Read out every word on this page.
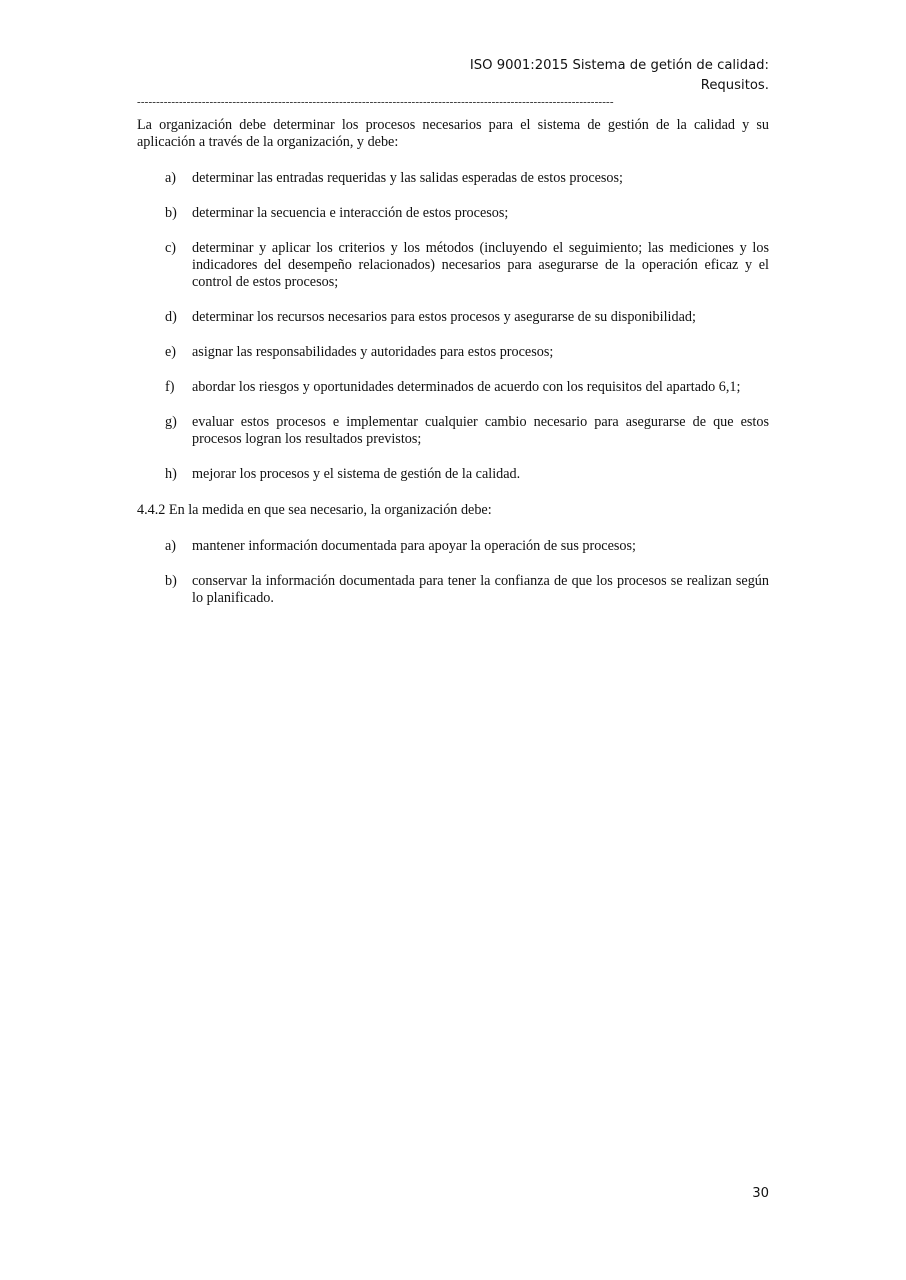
ISO 9001:2015 Sistema de getión de calidad:
Requsitos.
-----------------------------------------------------------------------------------------------------------------------------

La organización debe determinar los procesos necesarios para el sistema de gestión de la calidad y su aplicación a través de la organización, y debe:

a) determinar las entradas requeridas y las salidas esperadas de estos procesos;
b) determinar la secuencia e interacción de estos procesos;
c) determinar y aplicar los criterios y los métodos (incluyendo el seguimiento; las mediciones y los indicadores del desempeño relacionados) necesarios para asegurarse de la operación eficaz y el control de estos procesos;
d) determinar los recursos necesarios para estos procesos y asegurarse de su disponibilidad;
e) asignar las responsabilidades y autoridades para estos procesos;
f) abordar los riesgos y oportunidades determinados de acuerdo con los requisitos del apartado 6,1;
g) evaluar estos procesos e implementar cualquier cambio necesario para asegurarse de que estos procesos logran los resultados previstos;
h) mejorar los procesos y el sistema de gestión de la calidad.

4.4.2 En la medida en que sea necesario, la organización debe:

a) mantener información documentada para apoyar la operación de sus procesos;
b) conservar la información documentada para tener la confianza de que los procesos se realizan según lo planificado.
30
